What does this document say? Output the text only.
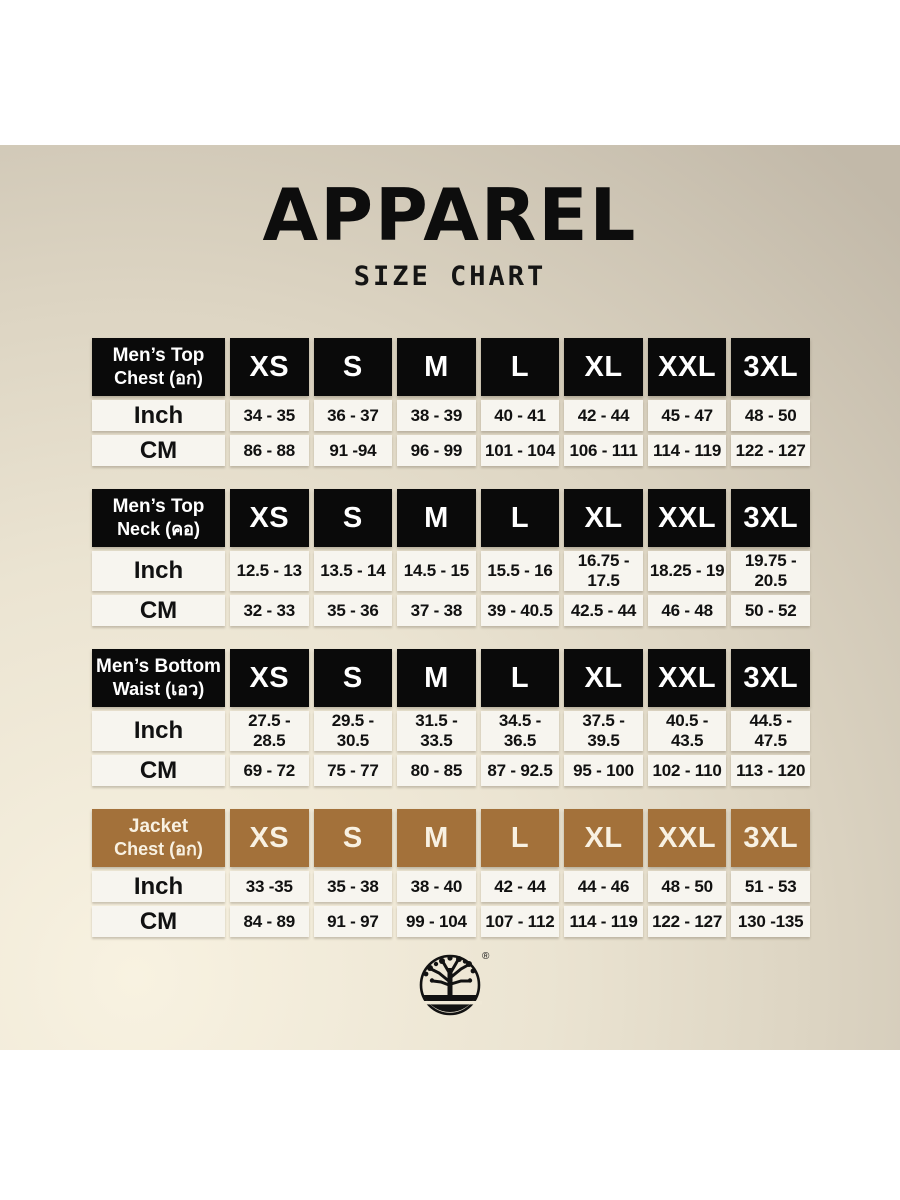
APPAREL
SIZE CHART
Men’s Top
Chest (อก)	XS	S	M	L	XL	XXL	3XL
Inch	34 - 35	36 - 37	38 - 39	40 - 41	42 - 44	45 - 47	48 - 50
CM	86 - 88	91 -94	96 - 99	101 - 104	106 - 111	114 - 119	122 - 127
Men’s Top
Neck (คอ)	XS	S	M	L	XL	XXL	3XL
Inch	12.5 - 13	13.5 - 14	14.5 - 15	15.5 - 16	16.75 - 17.5	18.25 - 19	19.75 - 20.5
CM	32 - 33	35 - 36	37 - 38	39 - 40.5	42.5 - 44	46 - 48	50 - 52
Men’s Bottom
Waist (เอว)	XS	S	M	L	XL	XXL	3XL
Inch	27.5 - 28.5	29.5 - 30.5	31.5 - 33.5	34.5 - 36.5	37.5 - 39.5	40.5 - 43.5	44.5 - 47.5
CM	69 - 72	75 - 77	80 - 85	87 - 92.5	95 - 100	102 - 110	113 - 120
Jacket
Chest (อก)	XS	S	M	L	XL	XXL	3XL
Inch	33 -35	35 - 38	38 - 40	42 - 44	44 - 46	48 - 50	51 - 53
CM	84 - 89	91 - 97	99 - 104	107 - 112	114 - 119	122 - 127	130 -135
®
